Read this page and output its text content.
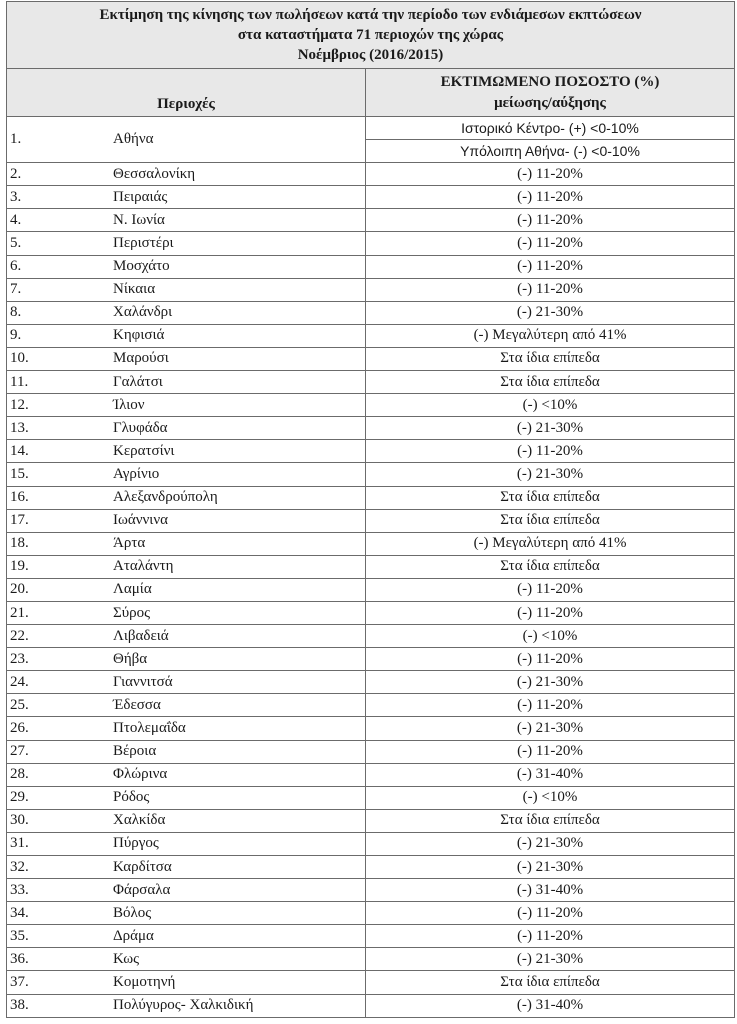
Εκτίμηση της κίνησης των πωλήσεων κατά την περίοδο των ενδιάμεσων εκπτώσεων
στα καταστήματα 71 περιοχών της χώρας
Νοέμβριος (2016/2015)	

Περιοχές	ΕΚΤΙΜΩΜΕΝΟ ΠΟΣΟΣΤΟ (%)
μείωσης/αύξησης

1. Αθήνα	Ιστορικό Κέντρο- (+) <0-10%
	Υπόλοιπη Αθήνα- (-) <0-10%

2. Θεσσαλονίκη	(-) 11-20%

3. Πειραιάς	(-) 11-20%

4. Ν. Ιωνία	(-) 11-20%

5. Περιστέρι	(-) 11-20%

6. Μοσχάτο	(-) 11-20%

7. Νίκαια	(-) 11-20%

8. Χαλάνδρι	(-) 21-30%

9. Κηφισιά	(-) Μεγαλύτερη από 41%

10. Μαρούσι	Στα ίδια επίπεδα

11. Γαλάτσι	Στα ίδια επίπεδα

12. Ίλιον	(-) <10%

13. Γλυφάδα	(-) 21-30%

14. Κερατσίνι	(-) 11-20%

15. Αγρίνιο	(-) 21-30%

16. Αλεξανδρούπολη	Στα ίδια επίπεδα

17. Ιωάννινα	Στα ίδια επίπεδα

18. Άρτα	(-) Μεγαλύτερη από 41%

19. Αταλάντη	Στα ίδια επίπεδα

20. Λαμία	(-) 11-20%

21. Σύρος	(-) 11-20%

22. Λιβαδειά	(-) <10%

23. Θήβα	(-) 11-20%

24. Γιαννιτσά	(-) 21-30%

25. Έδεσσα	(-) 11-20%

26. Πτολεμαΐδα	(-) 21-30%

27. Βέροια	(-) 11-20%

28. Φλώρινα	(-) 31-40%

29. Ρόδος	(-) <10%

30. Χαλκίδα	Στα ίδια επίπεδα

31. Πύργος	(-) 21-30%

32. Καρδίτσα	(-) 21-30%

33. Φάρσαλα	(-) 31-40%

34. Βόλος	(-) 11-20%

35. Δράμα	(-) 11-20%

36. Κως	(-) 21-30%

37. Κομοτηνή	Στα ίδια επίπεδα

38. Πολύγυρος- Χαλκιδική	(-) 31-40%
